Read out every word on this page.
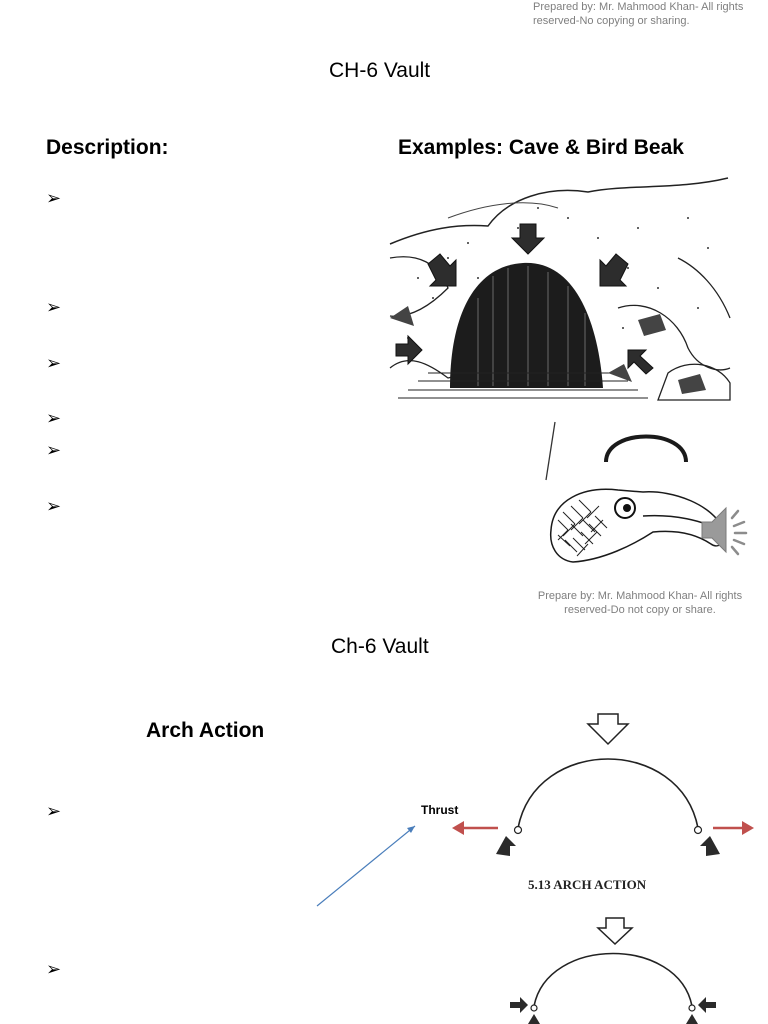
Prepared by: Mr. Mahmood Khan- All rights
reserved-No copying or sharing.
CH-6 Vault
Description:	Examples: Cave & Bird Beak
➢
➢
➢
➢
➢
➢
Prepare by: Mr. Mahmood Khan- All rights
reserved-Do not copy or share.
Ch-6 Vault
Arch Action
➢
➢
Thrust
5.13 ARCH ACTION
